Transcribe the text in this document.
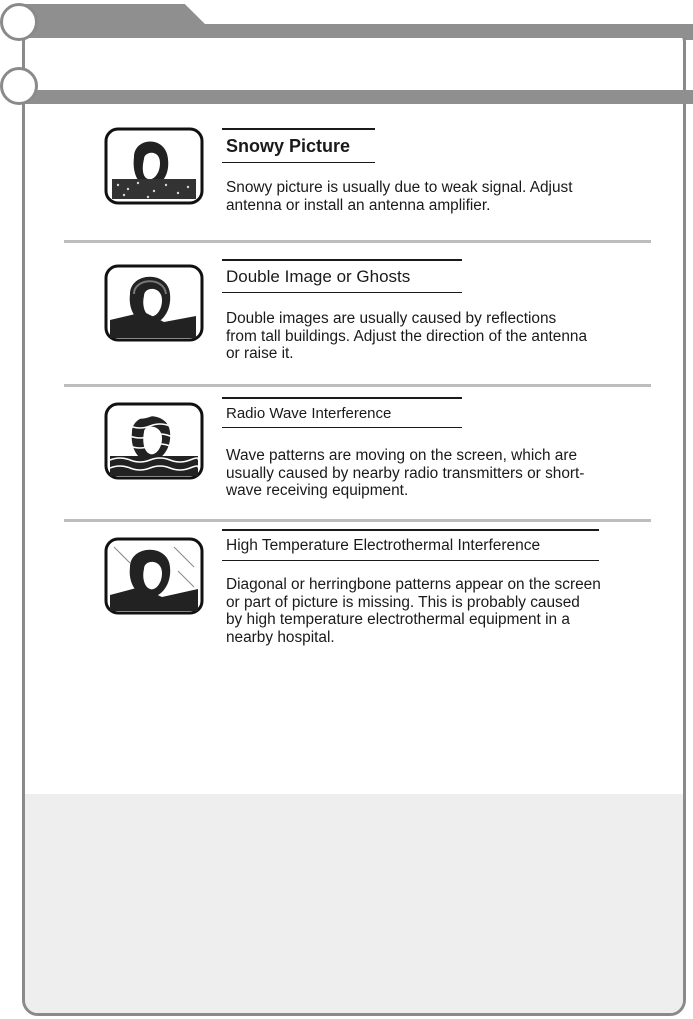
Snowy Picture
Snowy picture is usually due to weak signal. Adjust
antenna or install an antenna amplifier.
Double Image or Ghosts
Double images are usually caused by reflections
from tall buildings. Adjust the direction of the antenna
or raise it.
Radio Wave Interference
Wave patterns are moving on the screen, which are
usually caused by nearby radio transmitters or short-
wave receiving equipment.
High Temperature Electrothermal Interference
Diagonal or herringbone patterns appear on the screen
or part of picture is missing. This is probably caused
by high temperature electrothermal equipment in a
nearby hospital.
